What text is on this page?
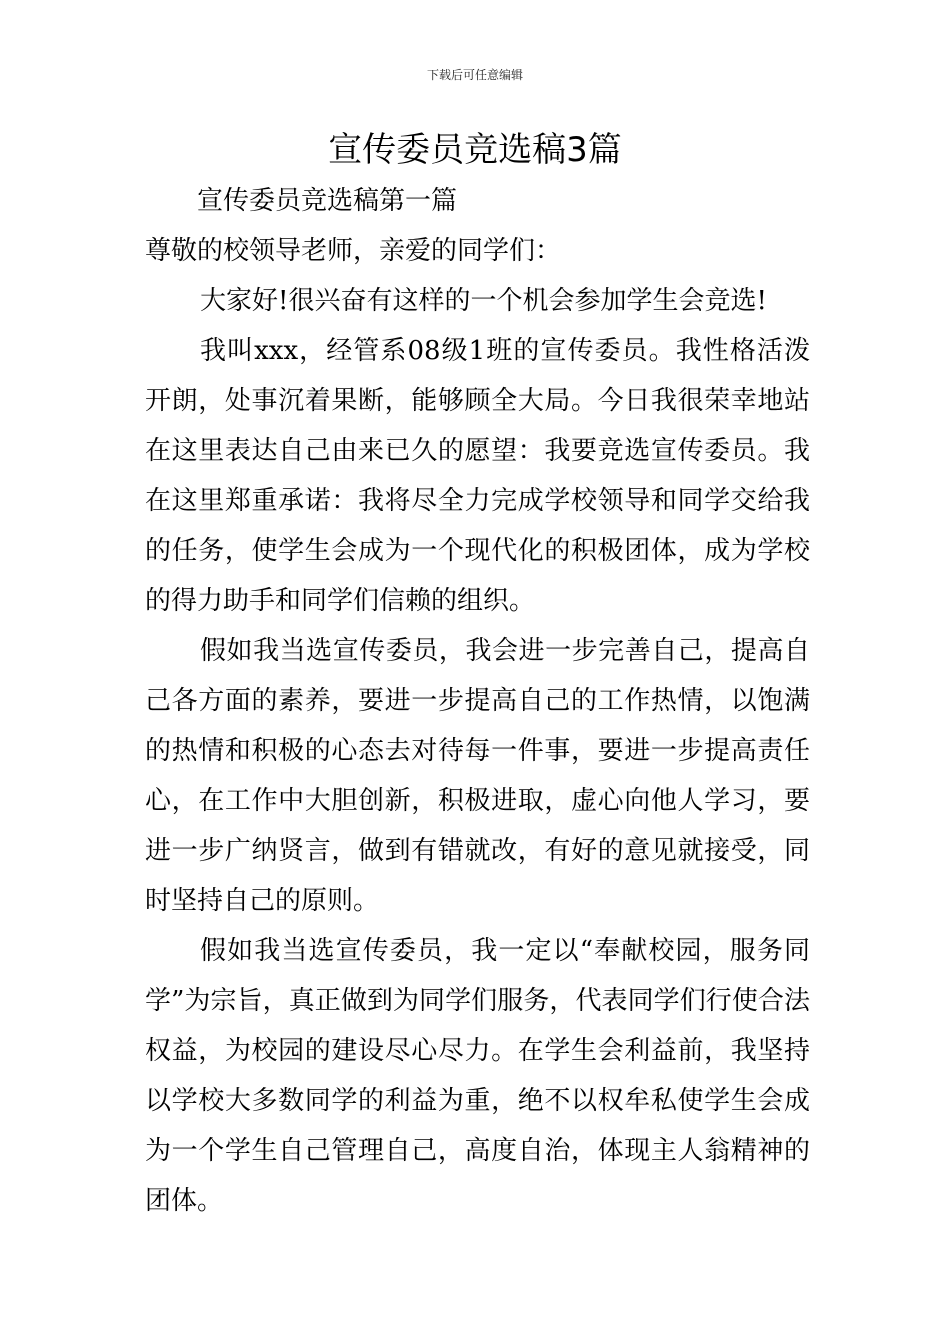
下载后可任意编辑
宣传委员竞选稿3篇

宣传委员竞选稿第一篇

尊敬的校领导老师，亲爱的同学们：

大家好!很兴奋有这样的一个机会参加学生会竞选!

我叫xxx，经管系08级1班的宣传委员。我性格活泼开朗，处事沉着果断，能够顾全大局。今日我很荣幸地站在这里表达自己由来已久的愿望：我要竞选宣传委员。我在这里郑重承诺：我将尽全力完成学校领导和同学交给我的任务，使学生会成为一个现代化的积极团体，成为学校的得力助手和同学们信赖的组织。

假如我当选宣传委员，我会进一步完善自己，提高自己各方面的素养，要进一步提高自己的工作热情，以饱满的热情和积极的心态去对待每一件事，要进一步提高责任心，在工作中大胆创新，积极进取，虚心向他人学习，要进一步广纳贤言，做到有错就改，有好的意见就接受，同时坚持自己的原则。

假如我当选宣传委员，我一定以“奉献校园，服务同学”为宗旨，真正做到为同学们服务，代表同学们行使合法权益，为校园的建设尽心尽力。在学生会利益前，我坚持以学校大多数同学的利益为重，绝不以权牟私使学生会成为一个学生自己管理自己，高度自治，体现主人翁精神的团体。
